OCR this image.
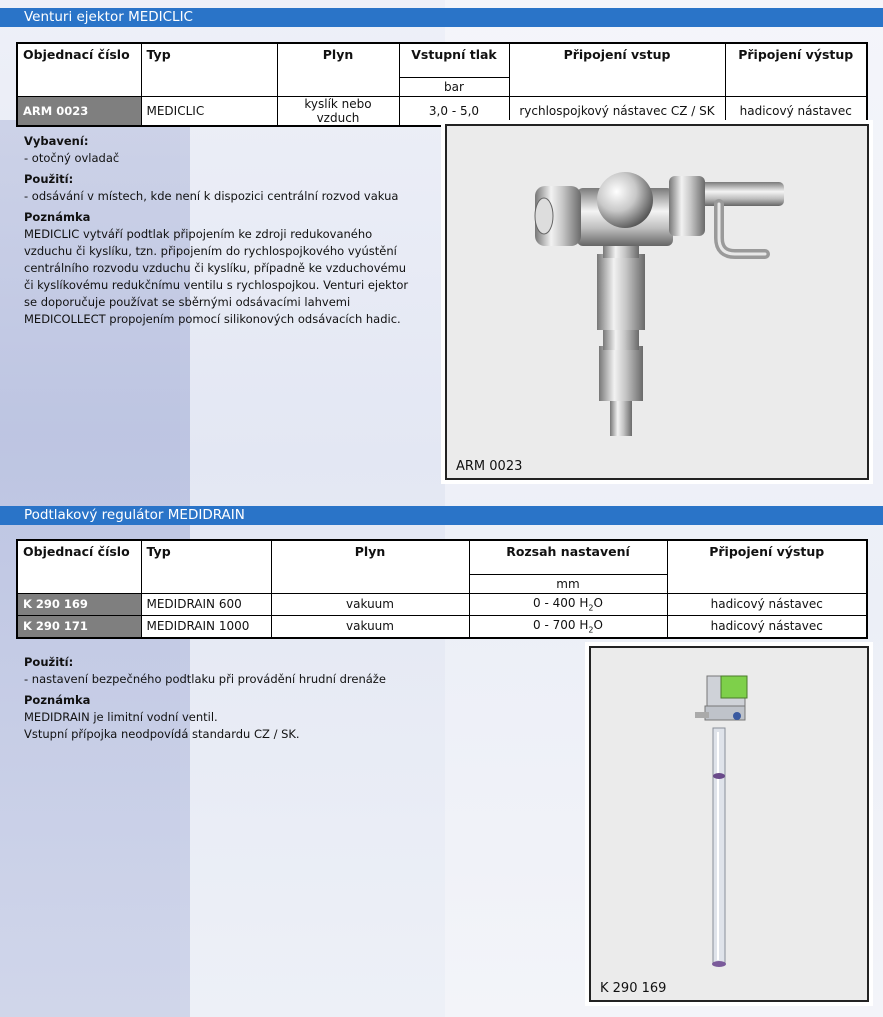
Venturi ejektor MEDICLIC
Objednací číslo	Typ	Plyn	Vstupní tlak	Připojení vstup	Připojení výstup
			bar		
ARM 0023	MEDICLIC	kyslík nebo vzduch	3,0 - 5,0	rychlospojkový nástavec CZ / SK	hadicový nástavec
Vybavení:
- otočný ovladač
Použití:
- odsávání v místech, kde není k dispozici centrální rozvod vakua
Poznámka
MEDICLIC vytváří podtlak připojením ke zdroji redukovaného
vzduchu či kyslíku, tzn. připojením do rychlospojkového vyústění
centrálního rozvodu vzduchu či kyslíku, případně ke vzduchovému
či kyslíkovému redukčnímu ventilu s rychlospojkou. Venturi ejektor
se doporučuje používat se sběrnými odsávacími lahvemi
MEDICOLLECT propojením pomocí silikonových odsávacích hadic.
ARM 0023
Podtlakový regulátor MEDIDRAIN
Objednací číslo	Typ	Plyn	Rozsah nastavení	Připojení výstup
			mm	
K 290 169	MEDIDRAIN 600	vakuum	0 - 400 $H_2O$	hadicový nástavec
K 290 171	MEDIDRAIN 1000	vakuum	0 - 700 $H_2O$	hadicový nástavec
Použití:
- nastavení bezpečného podtlaku při provádění hrudní drenáže
Poznámka
MEDIDRAIN je limitní vodní ventil.
Vstupní přípojka neodpovídá standardu CZ / SK.
K 290 169
